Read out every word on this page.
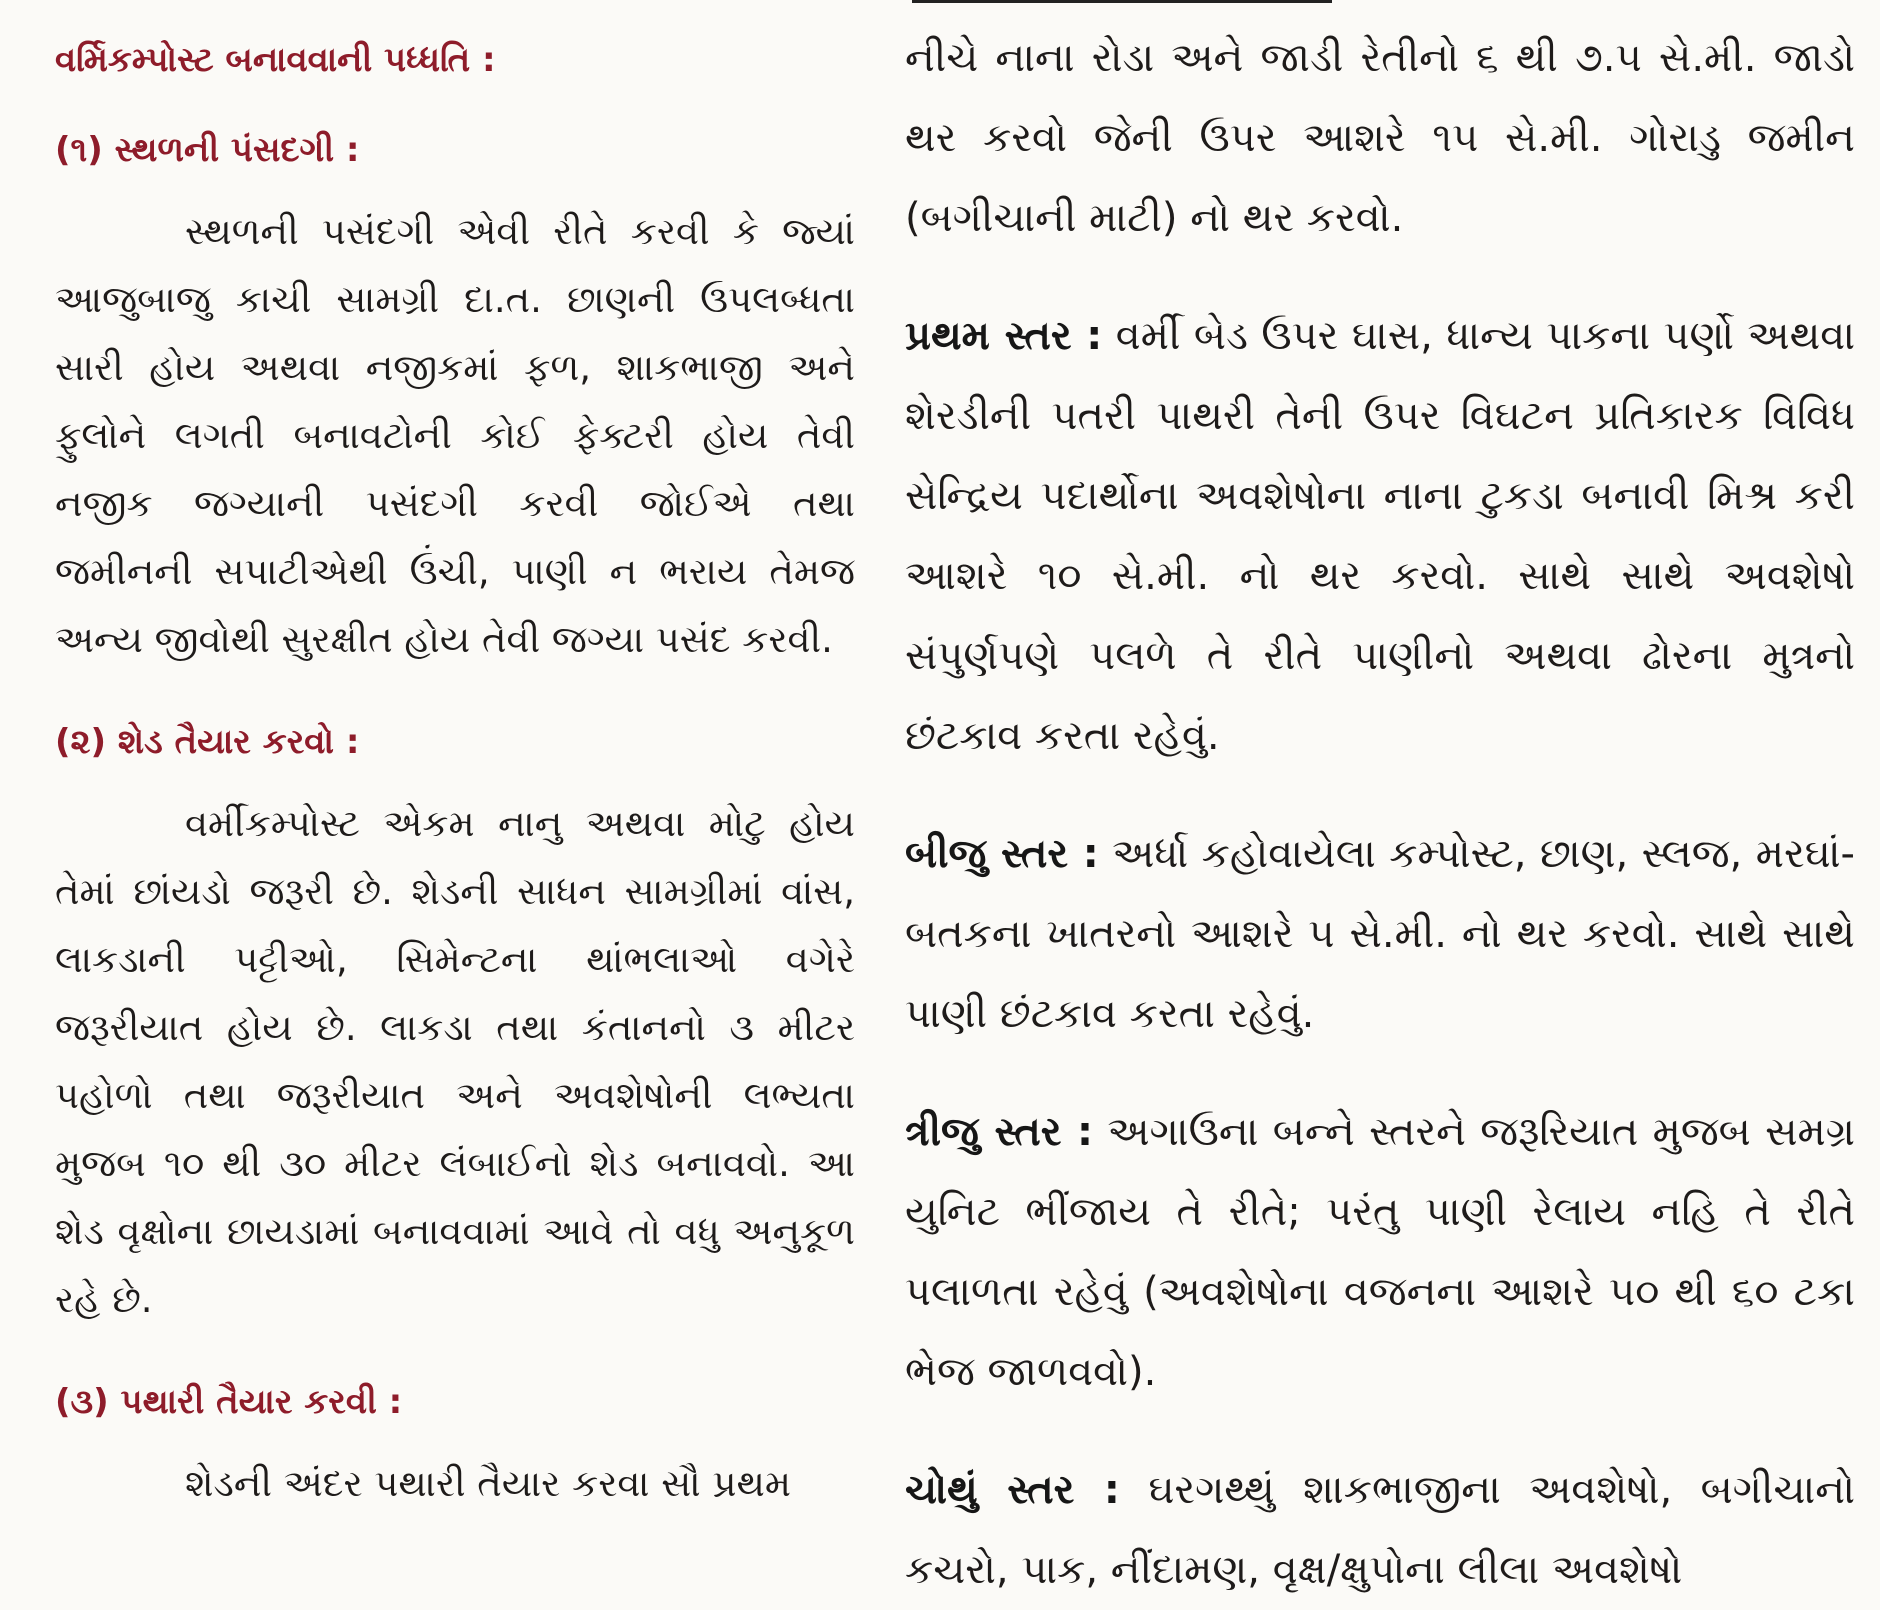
વર્મિકમ્પોસ્ટ બનાવવાની પધ્ધતિ :
(૧) સ્થળની પંસદગી :

સ્થળની પસંદગી એવી રીતે કરવી કે જ્યાં આજુબાજુ કાચી સામગ્રી દા.ત. છાણની ઉપલબ્ધતા સારી હોય અથવા નજીકમાં ફળ, શાકભાજી અને ફુલોને લગતી બનાવટોની કોઈ ફેક્ટરી હોય તેવી નજીક જગ્યાની પસંદગી કરવી જોઈએ તથા જમીનની સપાટીએથી ઉંચી, પાણી ન ભરાય તેમજ અન્ય જીવોથી સુરક્ષીત હોય તેવી જગ્યા પસંદ કરવી.

(૨) શેડ તૈયાર કરવો :

વર્મીકમ્પોસ્ટ એકમ નાનુ અથવા મોટુ હોય તેમાં છાંયડો જરૂરી છે. શેડની સાધન સામગ્રીમાં વાંસ, લાકડાની પટ્ટીઓ, સિમેન્ટના થાંભલાઓ વગેરે જરૂરીયાત હોય છે. લાકડા તથા કંતાનનો ૩ મીટર પહોળો તથા જરૂરીયાત અને અવશેષોની લભ્યતા મુજબ ૧૦ થી ૩૦ મીટર લંબાઈનો શેડ બનાવવો. આ શેડ વૃક્ષોના છાયડામાં બનાવવામાં આવે તો વધુ અનુકૂળ રહે છે.

(૩) પથારી તૈયાર કરવી :

શેડની અંદર પથારી તૈયાર કરવા સૌ પ્રથમ

નીચે નાના રોડા અને જાડી રેતીનો ૬ થી ૭.૫ સે.મી. જાડો થર કરવો જેની ઉપર આશરે ૧૫ સે.મી. ગોરાડુ જમીન (બગીચાની માટી) નો થર કરવો.

પ્રથમ સ્તર : વર્મી બેડ ઉપર ઘાસ, ધાન્ય પાકના પર્ણો અથવા શેરડીની પતરી પાથરી તેની ઉપર વિઘટન પ્રતિકારક વિવિધ સેન્દ્રિય પદાર્થોના અવશેષોના નાના ટુકડા બનાવી મિશ્ર કરી આશરે ૧૦ સે.મી. નો થર કરવો. સાથે સાથે અવશેષો સંપુર્ણપણે પલળે તે રીતે પાણીનો અથવા ઢોરના મુત્રનો છંટકાવ કરતા રહેવું.

બીજુ સ્તર : અર્ધા કહોવાયેલા કમ્પોસ્ટ, છાણ, સ્લજ, મરઘાં-બતકના ખાતરનો આશરે ૫ સે.મી. નો થર કરવો. સાથે સાથે પાણી છંટકાવ કરતા રહેવું.

ત્રીજુ સ્તર : અગાઉના બન્ને સ્તરને જરૂરિયાત મુજબ સમગ્ર યુનિટ ભીંજાય તે રીતે; પરંતુ પાણી રેલાય નહિ તે રીતે પલાળતા રહેવું (અવશેષોના વજનના આશરે ૫૦ થી ૬૦ ટકા ભેજ જાળવવો).

ચોથું સ્તર : ઘરગથ્થું શાકભાજીના અવશેષો, બગીચાનો કચરો, પાક, નીંદામણ, વૃક્ષ/ક્ષુપોના લીલા અવશેષો
